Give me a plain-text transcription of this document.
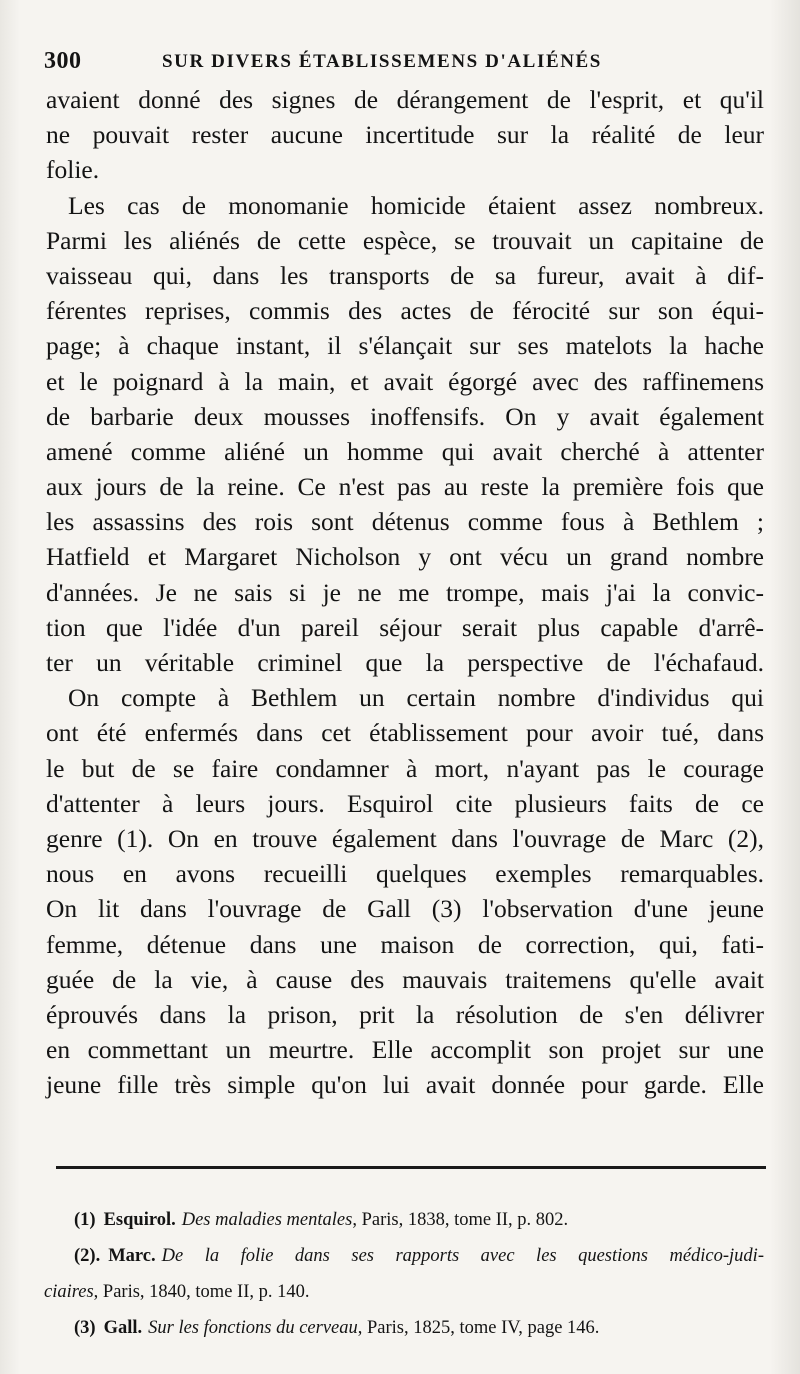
300	SUR DIVERS ÉTABLISSEMENS D'ALIÉNÉS
avaient donné des signes de dérangement de l'esprit, et qu'il
ne pouvait rester aucune incertitude sur la réalité de leur
folie.
Les cas de monomanie homicide étaient assez nombreux.
Parmi les aliénés de cette espèce, se trouvait un capitaine de
vaisseau qui, dans les transports de sa fureur, avait à dif-
férentes reprises, commis des actes de férocité sur son équi-
page; à chaque instant, il s'élançait sur ses matelots la hache
et le poignard à la main, et avait égorgé avec des raffinemens
de barbarie deux mousses inoffensifs. On y avait également
amené comme aliéné un homme qui avait cherché à attenter
aux jours de la reine. Ce n'est pas au reste la première fois que
les assassins des rois sont détenus comme fous à Bethlem ;
Hatfield et Margaret Nicholson y ont vécu un grand nombre
d'années. Je ne sais si je ne me trompe, mais j'ai la convic-
tion que l'idée d'un pareil séjour serait plus capable d'arrê-
ter un véritable criminel que la perspective de l'échafaud.
On compte à Bethlem un certain nombre d'individus qui
ont été enfermés dans cet établissement pour avoir tué, dans
le but de se faire condamner à mort, n'ayant pas le courage
d'attenter à leurs jours. Esquirol cite plusieurs faits de ce
genre (1). On en trouve également dans l'ouvrage de Marc (2),
nous en avons recueilli quelques exemples remarquables.
On lit dans l'ouvrage de Gall (3) l'observation d'une jeune
femme, détenue dans une maison de correction, qui, fati-
guée de la vie, à cause des mauvais traitemens qu'elle avait
éprouvés dans la prison, prit la résolution de s'en délivrer
en commettant un meurtre. Elle accomplit son projet sur une
jeune fille très simple qu'on lui avait donnée pour garde. Elle
(1) Esquirol. Des maladies mentales, Paris, 1838, tome II, p. 802.
(2). Marc. De la folie dans ses rapports avec les questions médico-judi-
ciaires, Paris, 1840, tome II, p. 140.
(3) Gall. Sur les fonctions du cerveau, Paris, 1825, tome IV, page 146.
